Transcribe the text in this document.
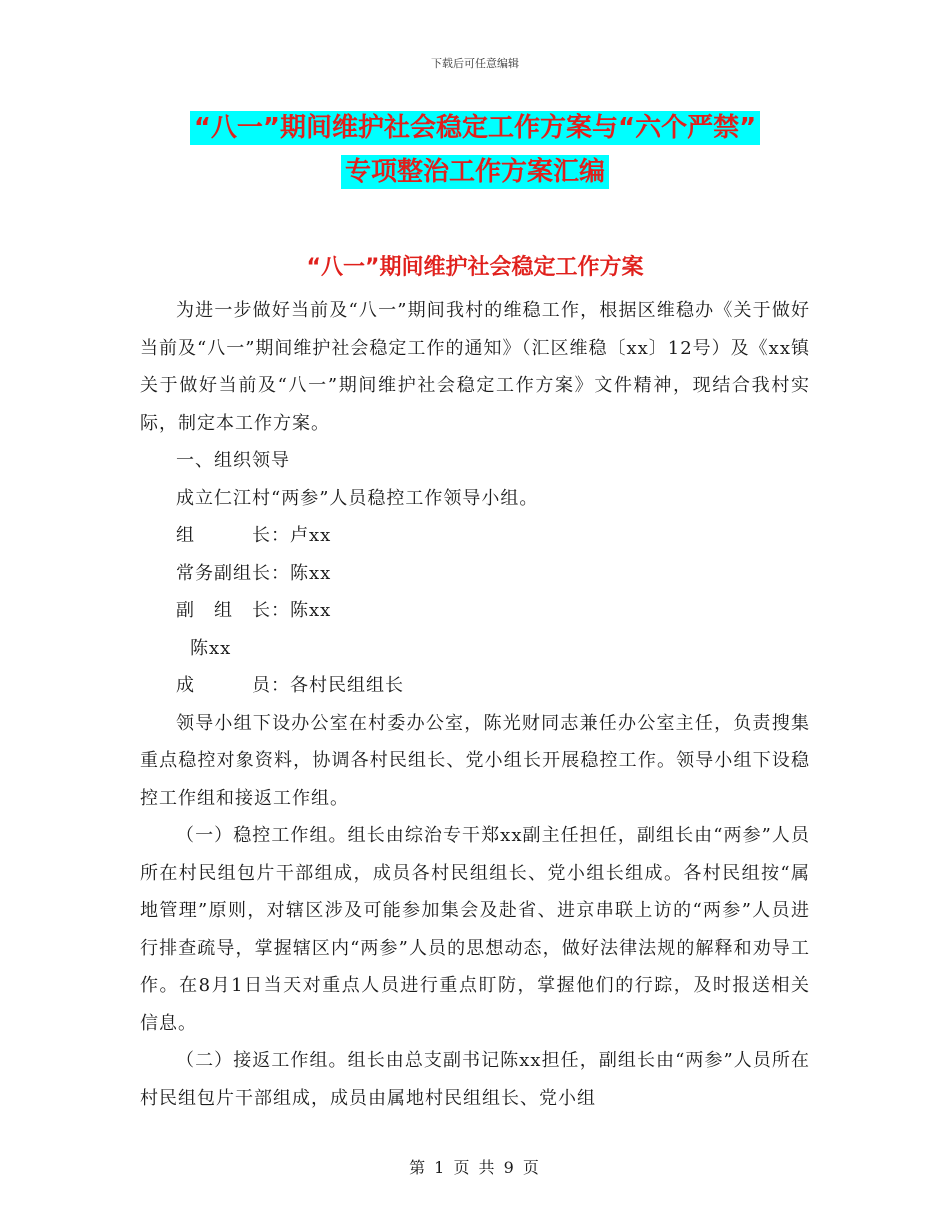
下载后可任意编辑
“八一”期间维护社会稳定工作方案与“六个严禁”
专项整治工作方案汇编
“八一”期间维护社会稳定工作方案

为进一步做好当前及“八一”期间我村的维稳工作，根据区维稳办《关于做好当前及“八一”期间维护社会稳定工作的通知》（汇区维稳〔xx〕12号）及《xx镇关于做好当前及“八一”期间维护社会稳定工作方案》文件精神，现结合我村实际，制定本工作方案。

一、组织领导

成立仁江村“两参”人员稳控工作领导小组。

组　　　长：卢xx

常务副组长：陈xx

副　组　长：陈xx

陈xx

成　　　员：各村民组组长

领导小组下设办公室在村委办公室，陈光财同志兼任办公室主任，负责搜集重点稳控对象资料，协调各村民组长、党小组长开展稳控工作。领导小组下设稳控工作组和接返工作组。

（一）稳控工作组。组长由综治专干郑xx副主任担任，副组长由“两参”人员所在村民组包片干部组成，成员各村民组组长、党小组长组成。各村民组按“属地管理”原则，对辖区涉及可能参加集会及赴省、进京串联上访的“两参”人员进行排查疏导，掌握辖区内“两参”人员的思想动态，做好法律法规的解释和劝导工作。在8月1日当天对重点人员进行重点盯防，掌握他们的行踪，及时报送相关信息。

（二）接返工作组。组长由总支副书记陈xx担任，副组长由“两参”人员所在村民组包片干部组成，成员由属地村民组组长、党小组

第 1 页 共 9 页
